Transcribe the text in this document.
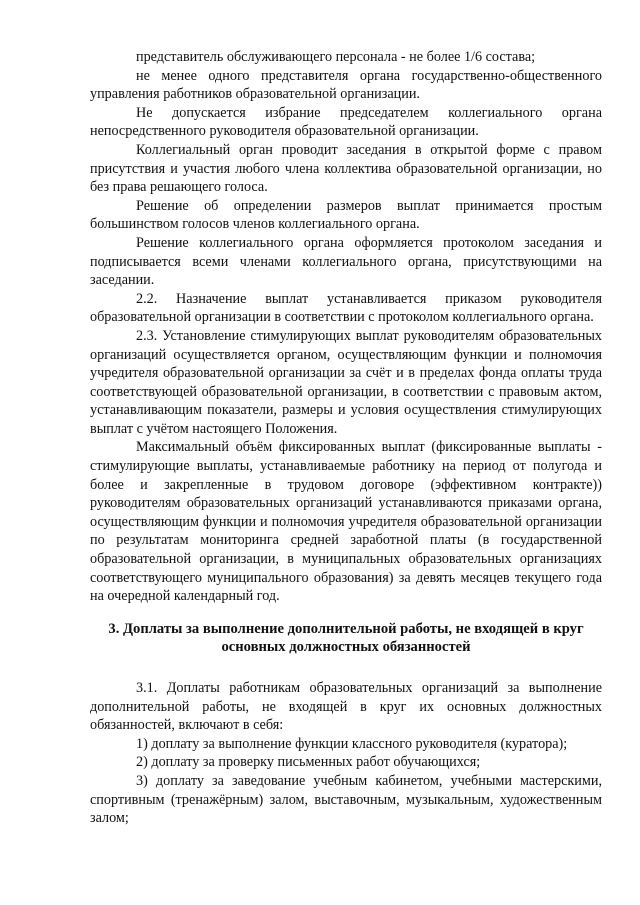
представитель обслуживающего персонала - не более 1/6 состава;

не менее одного представителя органа государственно-общественного управления работников образовательной организации.

Не допускается избрание председателем коллегиального органа непосредственного руководителя образовательной организации.

Коллегиальный орган проводит заседания в открытой форме с правом присутствия и участия любого члена коллектива образовательной организации, но без права решающего голоса.

Решение об определении размеров выплат принимается простым большинством голосов членов коллегиального органа.

Решение коллегиального органа оформляется протоколом заседания и подписывается всеми членами коллегиального органа, присутствующими на заседании.

2.2. Назначение выплат устанавливается приказом руководителя образовательной организации в соответствии с протоколом коллегиального органа.

2.3. Установление стимулирующих выплат руководителям образовательных организаций осуществляется органом, осуществляющим функции и полномочия учредителя образовательной организации за счёт и в пределах фонда оплаты труда соответствующей образовательной организации, в соответствии с правовым актом, устанавливающим показатели, размеры и условия осуществления стимулирующих выплат с учётом настоящего Положения.

Максимальный объём фиксированных выплат (фиксированные выплаты - стимулирующие выплаты, устанавливаемые работнику на период от полугода и более и закрепленные в трудовом договоре (эффективном контракте)) руководителям образовательных организаций устанавливаются приказами органа, осуществляющим функции и полномочия учредителя образовательной организации по результатам мониторинга средней заработной платы (в государственной образовательной организации, в муниципальных образовательных организациях соответствующего муниципального образования) за девять месяцев текущего года на очередной календарный год.

3. Доплаты за выполнение дополнительной работы, не входящей в круг
основных должностных обязанностей

3.1. Доплаты работникам образовательных организаций за выполнение дополнительной работы, не входящей в круг их основных должностных обязанностей, включают в себя:

1) доплату за выполнение функции классного руководителя (куратора);

2) доплату за проверку письменных работ обучающихся;

3) доплату за заведование учебным кабинетом, учебными мастерскими, спортивным (тренажёрным) залом, выставочным, музыкальным, художественным залом;
